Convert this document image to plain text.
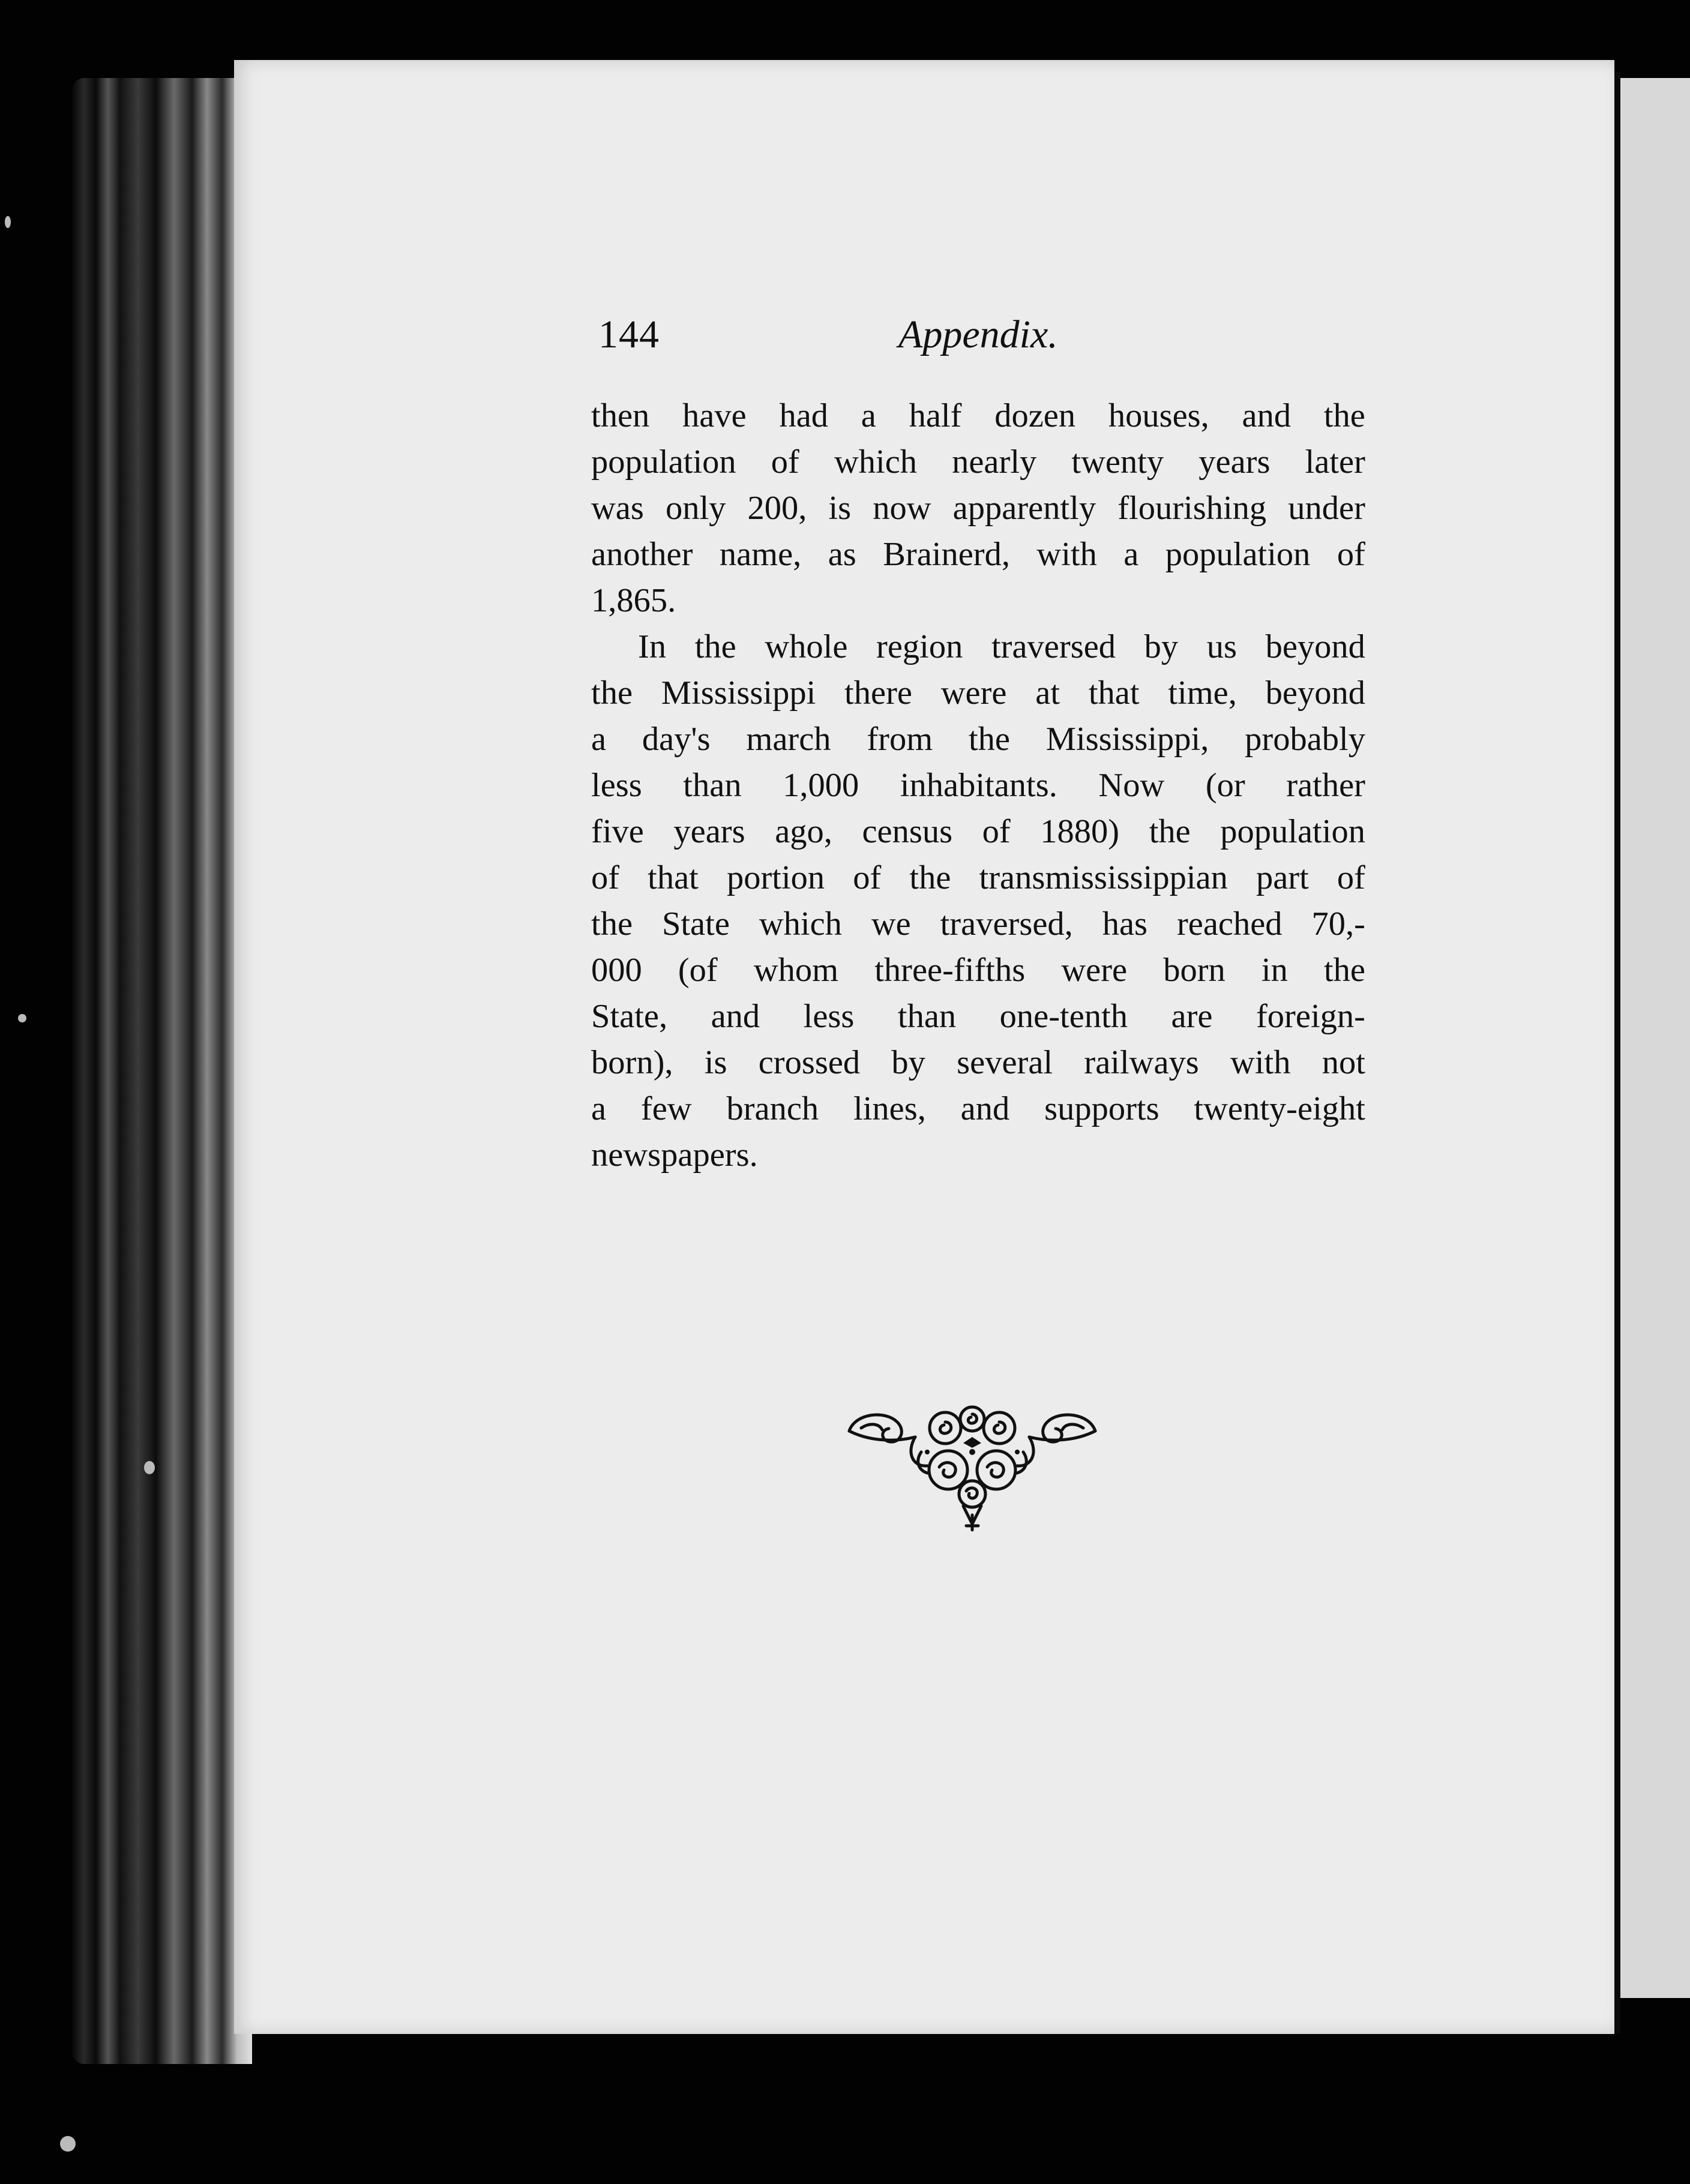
144	Appendix.
then have had a half dozen houses, and the
population of which nearly twenty years later
was only 200, is now apparently flourishing under
another name, as Brainerd, with a population of
1,865.
In the whole region traversed by us beyond
the Mississippi there were at that time, beyond
a day's march from the Mississippi, probably
less than 1,000 inhabitants. Now (or rather
five years ago, census of 1880) the population
of that portion of the transmississippian part of
the State which we traversed, has reached 70,-
000 (of whom three-fifths were born in the
State, and less than one-tenth are foreign-
born), is crossed by several railways with not
a few branch lines, and supports twenty-eight
newspapers.
